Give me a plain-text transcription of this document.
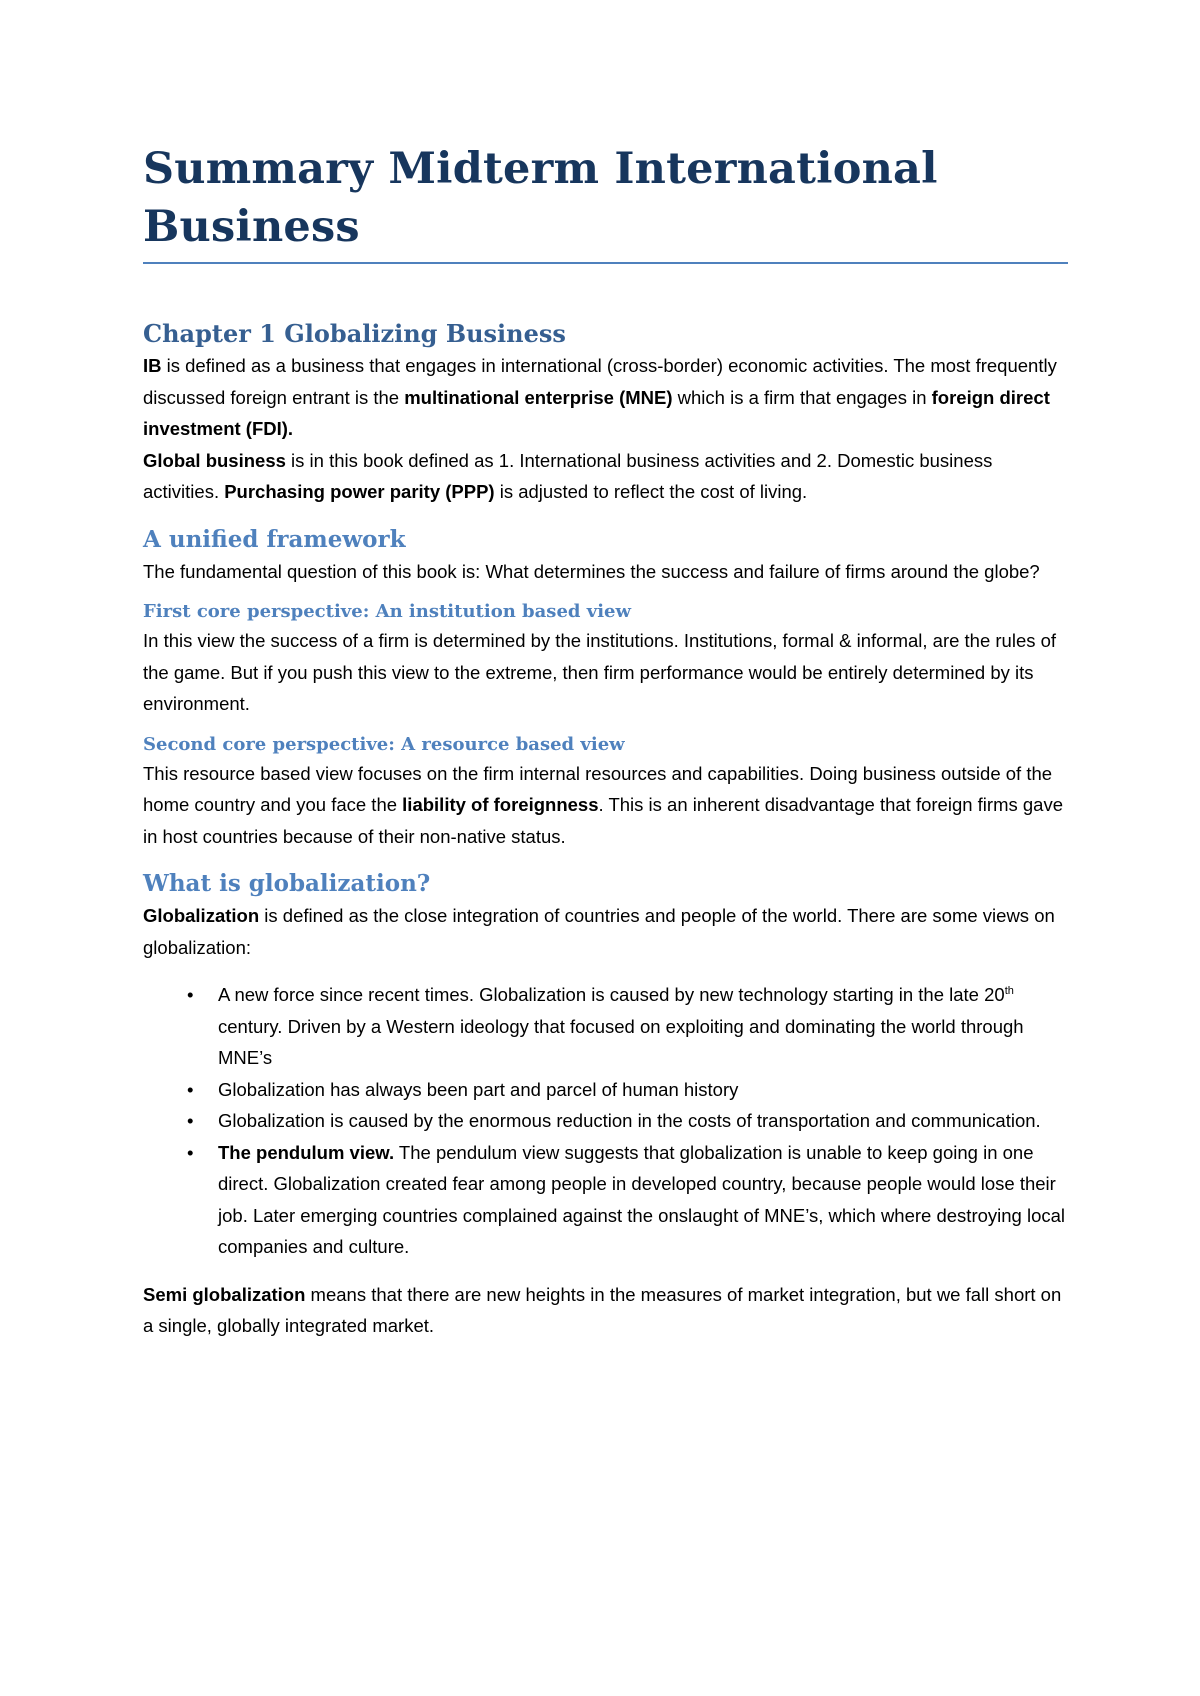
Summary Midterm International Business
Chapter 1 Globalizing Business

IB is defined as a business that engages in international (cross-border) economic activities. The most frequently discussed foreign entrant is the multinational enterprise (MNE) which is a firm that engages in foreign direct investment (FDI).
Global business is in this book defined as 1. International business activities and 2. Domestic business activities. Purchasing power parity (PPP) is adjusted to reflect the cost of living.

A unified framework

The fundamental question of this book is: What determines the success and failure of firms around the globe?

First core perspective: An institution based view

In this view the success of a firm is determined by the institutions. Institutions, formal & informal, are the rules of the game. But if you push this view to the extreme, then firm performance would be entirely determined by its environment.

Second core perspective: A resource based view

This resource based view focuses on the firm internal resources and capabilities. Doing business outside of the home country and you face the liability of foreignness. This is an inherent disadvantage that foreign firms gave in host countries because of their non-native status.

What is globalization?

Globalization is defined as the close integration of countries and people of the world. There are some views on globalization:

• A new force since recent times. Globalization is caused by new technology starting in the late 20th century. Driven by a Western ideology that focused on exploiting and dominating the world through MNE’s
• Globalization has always been part and parcel of human history
• Globalization is caused by the enormous reduction in the costs of transportation and communication.
• The pendulum view. The pendulum view suggests that globalization is unable to keep going in one direct. Globalization created fear among people in developed country, because people would lose their job. Later emerging countries complained against the onslaught of MNE’s, which where destroying local companies and culture.

Semi globalization means that there are new heights in the measures of market integration, but we fall short on a single, globally integrated market.
